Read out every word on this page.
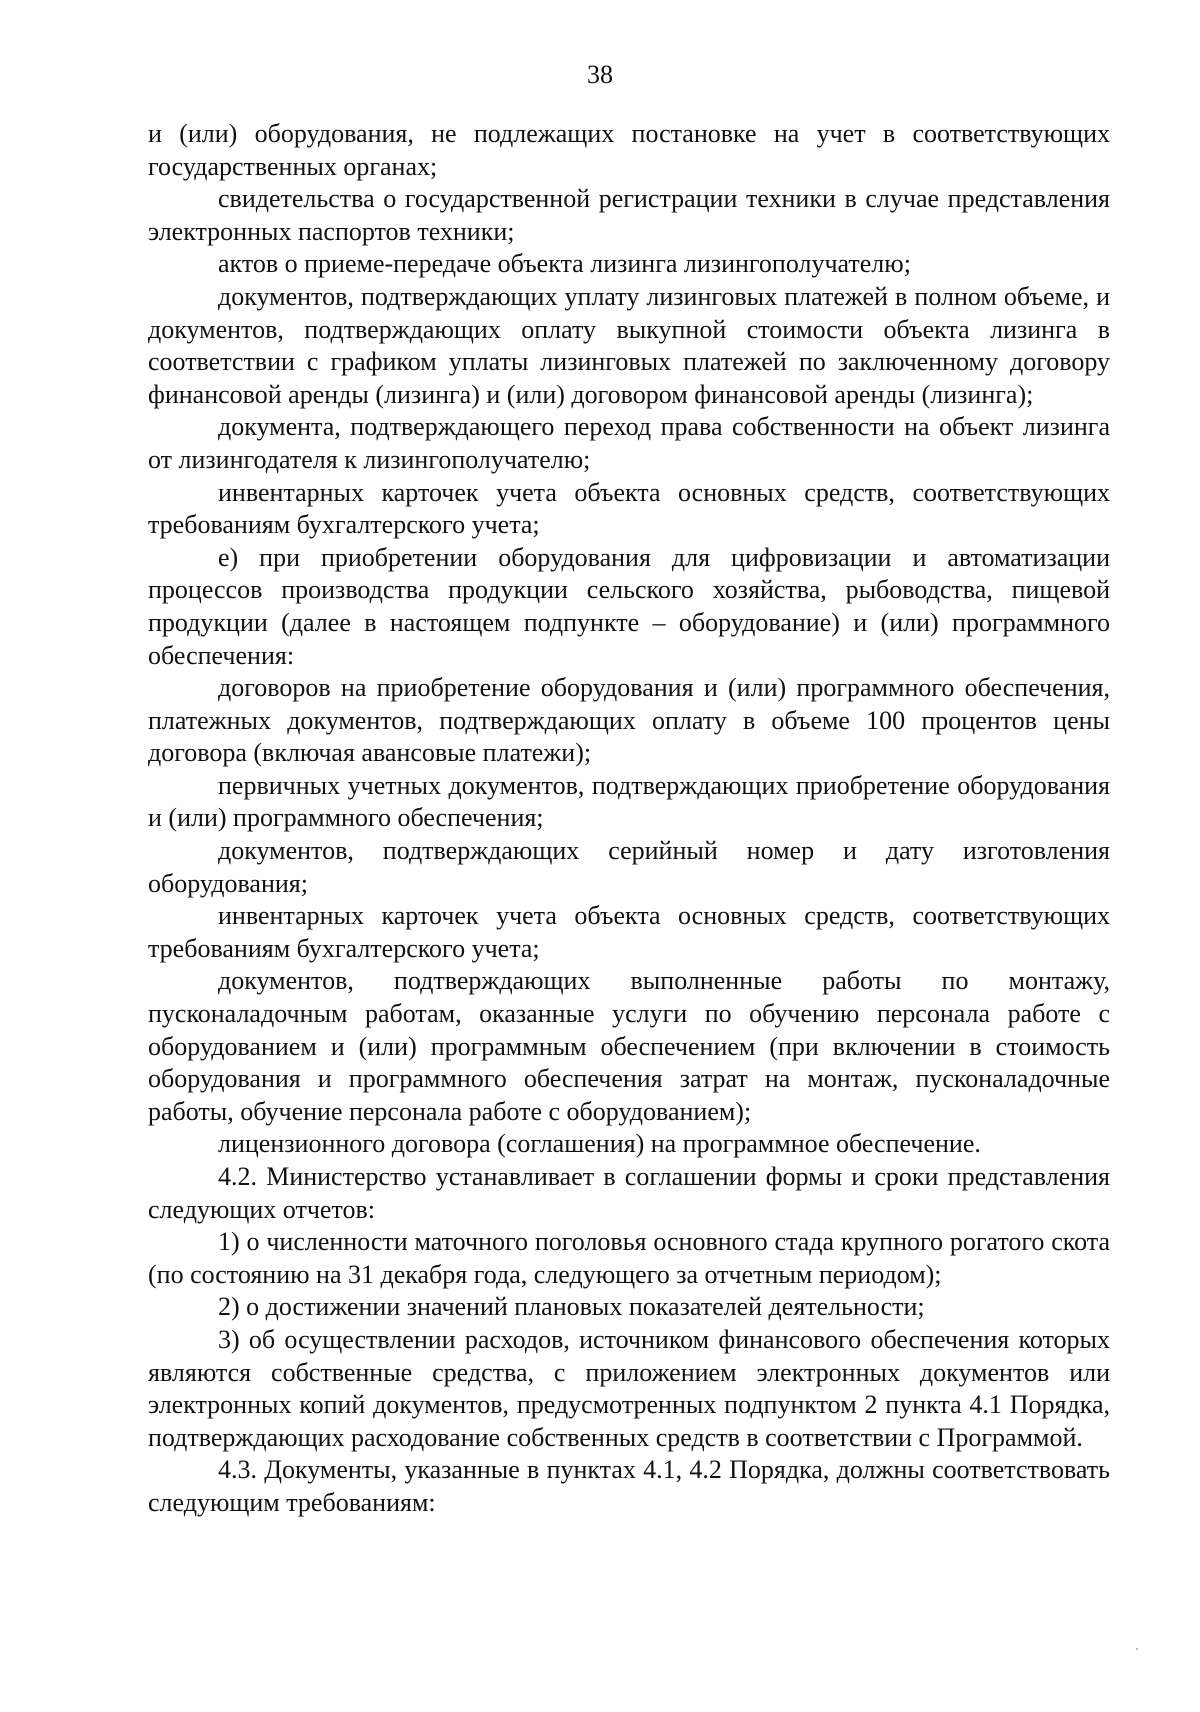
38

и (или) оборудования, не подлежащих постановке на учет в соответствующих государственных органах;

свидетельства о государственной регистрации техники в случае представления электронных паспортов техники;

актов о приеме-передаче объекта лизинга лизингополучателю;

документов, подтверждающих уплату лизинговых платежей в полном объеме, и документов, подтверждающих оплату выкупной стоимости объекта лизинга в соответствии с графиком уплаты лизинговых платежей по заключенному договору финансовой аренды (лизинга) и (или) договором финансовой аренды (лизинга);

документа, подтверждающего переход права собственности на объект лизинга от лизингодателя к лизингополучателю;

инвентарных карточек учета объекта основных средств, соответствующих требованиям бухгалтерского учета;

е) при приобретении оборудования для цифровизации и автоматизации процессов производства продукции сельского хозяйства, рыбоводства, пищевой продукции (далее в настоящем подпункте – оборудование) и (или) программного обеспечения:

договоров на приобретение оборудования и (или) программного обеспечения, платежных документов, подтверждающих оплату в объеме 100 процентов цены договора (включая авансовые платежи);

первичных учетных документов, подтверждающих приобретение оборудования и (или) программного обеспечения;

документов, подтверждающих серийный номер и дату изготовления оборудования;

инвентарных карточек учета объекта основных средств, соответствующих требованиям бухгалтерского учета;

документов, подтверждающих выполненные работы по монтажу, пусконаладочным работам, оказанные услуги по обучению персонала работе с оборудованием и (или) программным обеспечением (при включении в стоимость оборудования и программного обеспечения затрат на монтаж, пусконаладочные работы, обучение персонала работе с оборудованием);

лицензионного договора (соглашения) на программное обеспечение.

4.2. Министерство устанавливает в соглашении формы и сроки представления следующих отчетов:

1) о численности маточного поголовья основного стада крупного рогатого скота (по состоянию на 31 декабря года, следующего за отчетным периодом);

2) о достижении значений плановых показателей деятельности;

3) об осуществлении расходов, источником финансового обеспечения которых являются собственные средства, с приложением электронных документов или электронных копий документов, предусмотренных подпунктом 2 пункта 4.1 Порядка, подтверждающих расходование собственных средств в соответствии с Программой.

4.3. Документы, указанные в пунктах 4.1, 4.2 Порядка, должны соответствовать следующим требованиям:
